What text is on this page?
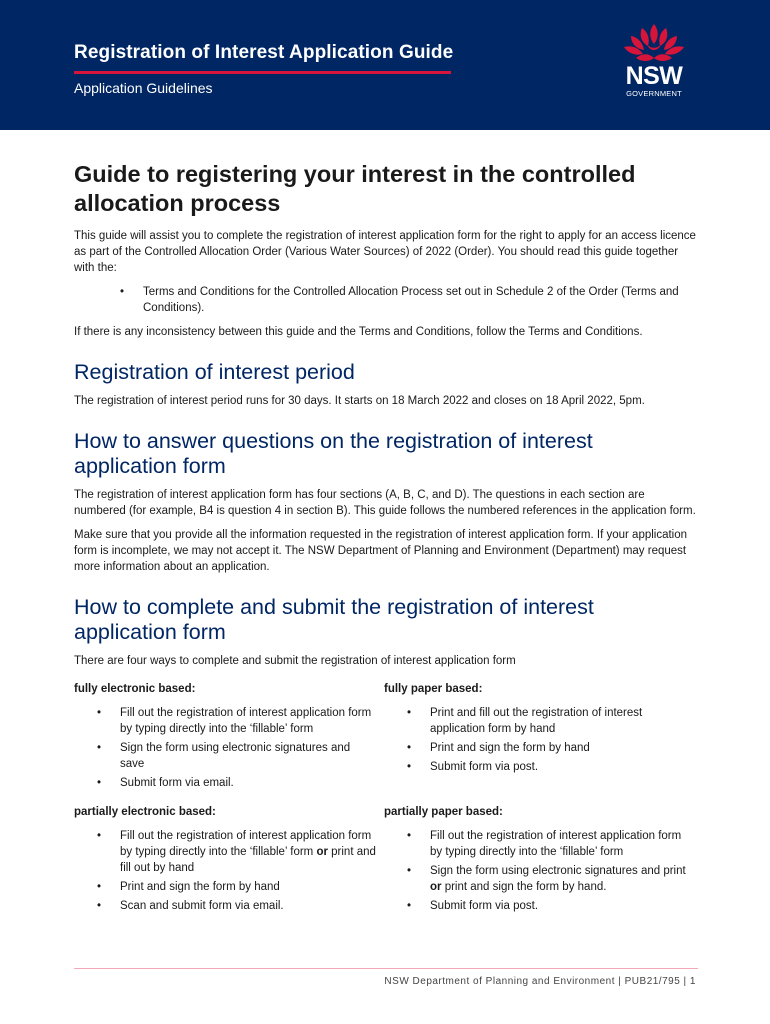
Registration of Interest Application Guide
Application Guidelines	NSW
GOVERNMENT
Guide to registering your interest in the controlled allocation process

This guide will assist you to complete the registration of interest application form for the right to apply for an access licence as part of the Controlled Allocation Order (Various Water Sources) of 2022 (Order). You should read this guide together with the:

• Terms and Conditions for the Controlled Allocation Process set out in Schedule 2 of the Order (Terms and Conditions).

If there is any inconsistency between this guide and the Terms and Conditions, follow the Terms and Conditions.

Registration of interest period

The registration of interest period runs for 30 days. It starts on 18 March 2022 and closes on 18 April 2022, 5pm.

How to answer questions on the registration of interest application form

The registration of interest application form has four sections (A, B, C, and D). The questions in each section are numbered (for example, B4 is question 4 in section B). This guide follows the numbered references in the application form.

Make sure that you provide all the information requested in the registration of interest application form. If your application form is incomplete, we may not accept it. The NSW Department of Planning and Environment (Department) may request more information about an application.

How to complete and submit the registration of interest application form

There are four ways to complete and submit the registration of interest application form

fully electronic based:
• Fill out the registration of interest application form by typing directly into the ‘fillable’ form
• Sign the form using electronic signatures and save
• Submit form via email.
fully paper based:
• Print and fill out the registration of interest application form by hand
• Print and sign the form by hand
• Submit form via post.
partially electronic based:
• Fill out the registration of interest application form by typing directly into the ‘fillable’ form or print and fill out by hand
• Print and sign the form by hand
• Scan and submit form via email.
partially paper based:
• Fill out the registration of interest application form by typing directly into the ‘fillable’ form
• Sign the form using electronic signatures and print or print and sign the form by hand.
• Submit form via post.
NSW Department of Planning and Environment | PUB21/795 | 1
